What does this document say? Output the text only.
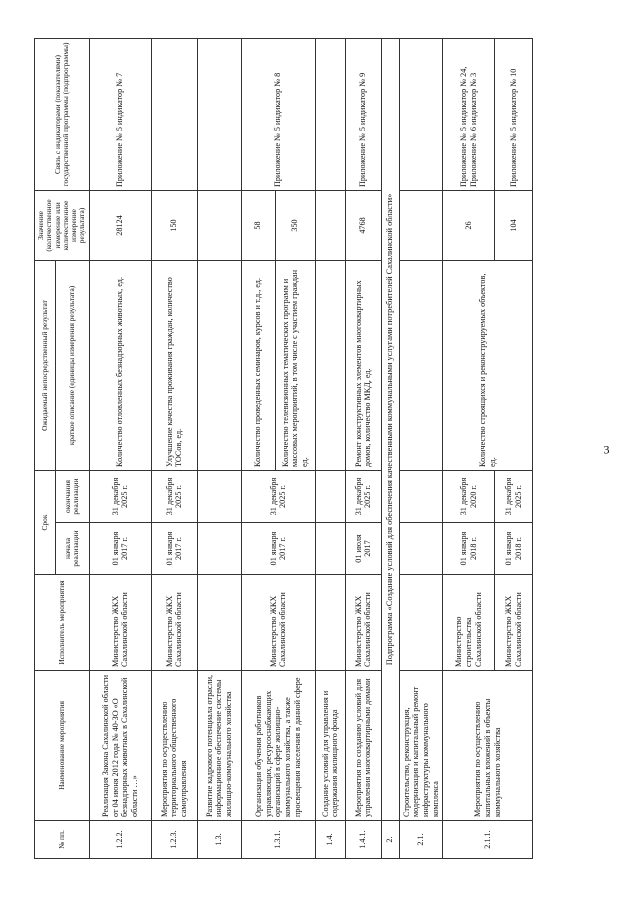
3
№ пп.	Наименование мероприятия	Исполнитель мероприятия	Срок		Ожидаемый непосредственный результат	Значение (количественное измерение или количественное измерение результата)	Связь с индикаторами (показателями) государственной программы (подпрограммы)
			начала реализации	окончания реализации	краткое описание (единицы измерения результата)		
1.2.2.	Реализация Закона Сахалинской области от 04 июня 2012 года № 40-ЗО «О безнадзорных животных в Сахалинской области …»	Министерство ЖКХ Сахалинской области	01 января 2017 г.	31 декабря 2025 г.	Количество отловленных безнадзорных животных, ед.	28124	Приложение № 5 индикатор № 7
1.2.3.	Мероприятия по осуществлению территориального общественного самоуправления	Министерство ЖКХ Сахалинской области	01 января 2017 г.	31 декабря 2025 г.	Улучшение качества проживания граждан, количество ТОСов, ед.	150	
1.3.	Развитие кадрового потенциала отрасли, информационное обеспечение системы жилищно-коммунального хозяйства						
1.3.1.	Организация обучения работников управляющих, ресурсоснабжающих организаций в сфере жилищно-коммунального хозяйства, а также просвещения населения в данной сфере	Министерство ЖКХ Сахалинской области	01 января 2017 г.	31 декабря 2025 г.	Количество проведенных семинаров, курсов и т.д., ед.	58	Приложение № 5 индикатор № 8
					Количество телевизионных тематических программ и массовых мероприятий, в том числе с участием граждан ед.	350	
1.4.	Создание условий для управления и содержания жилищного фонда						
1.4.1.	Мероприятия по созданию условий для управления многоквартирными домами	Министерство ЖКХ Сахалинской области	01 июля 2017	31 декабря 2025 г.	Ремонт конструктивных элементов многоквартирных домов, количество МКД, ед.	4768	Приложение № 5 индикатор № 9
2.	Подпрограмма «Создание условий для обеспечения качественными коммунальными услугами потребителей Сахалинской области»						
2.1.	Строительство, реконструкция, модернизация и капитальный ремонт инфраструктуры коммунального комплекса						
2.1.1.	Мероприятия по осуществлению капитальных вложений в объекты коммунального хозяйства	Министерство строительства Сахалинской области	01 января 2018 г.	31 декабря 2020 г.	Количество строящихся и реконструируемых объектов, ед.	26	Приложение № 5 индикатор № 24, Приложение № 6 индикатор № 3
		Министерство ЖКХ Сахалинской области	01 января 2018 г.	31 декабря 2025 г.		104	Приложение № 5 индикатор № 10
